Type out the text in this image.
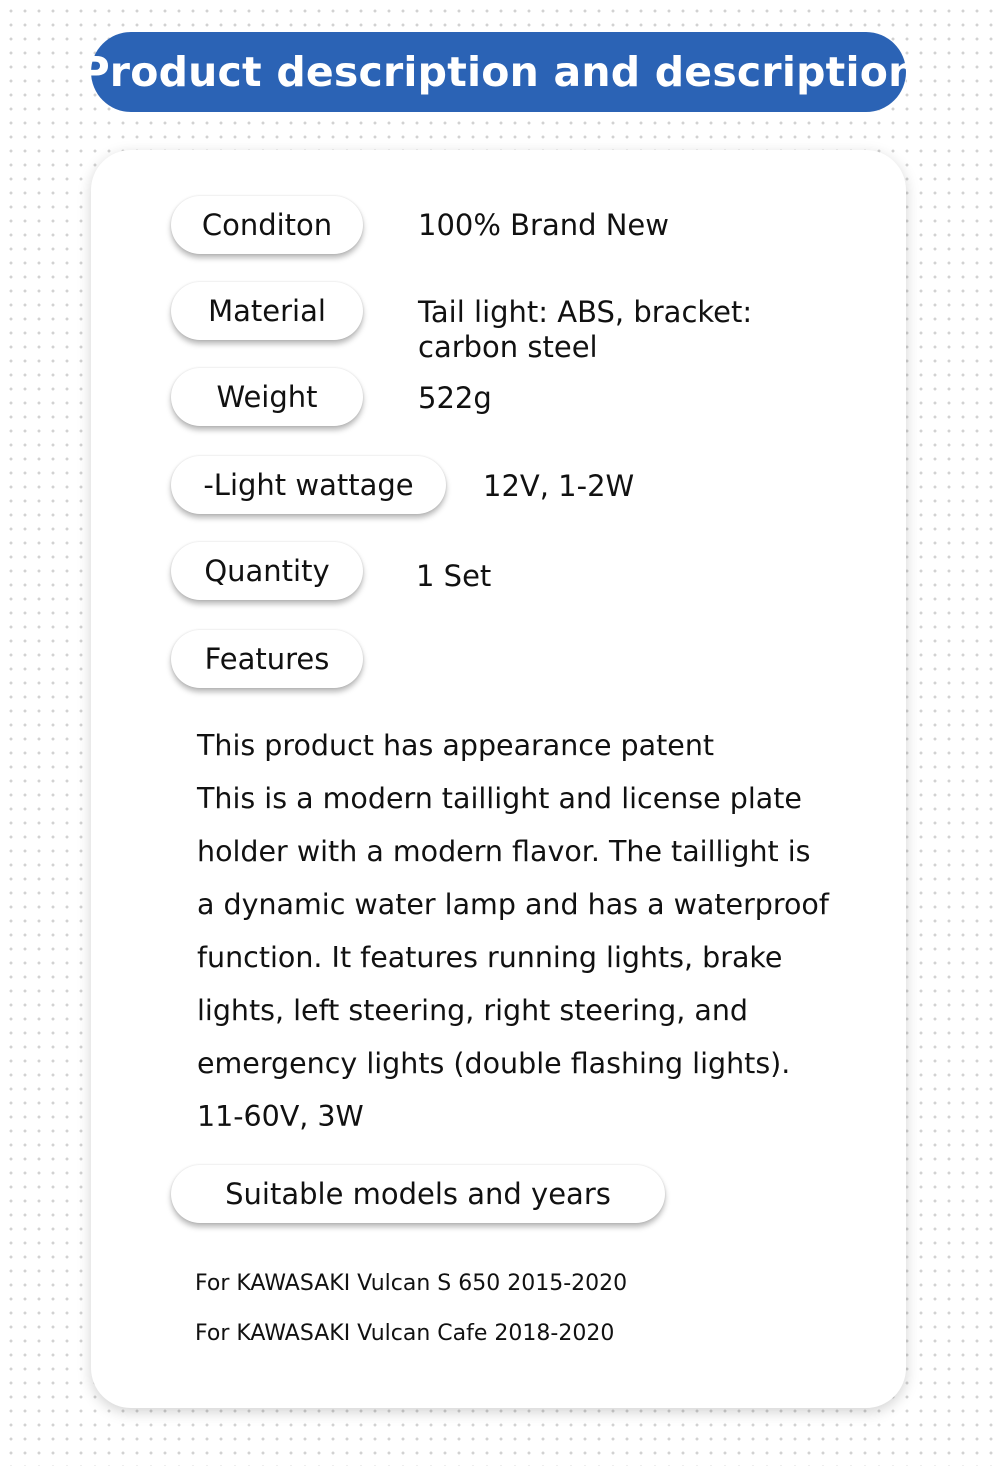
Product description and description
Conditon	100% Brand New
Material	Tail light: ABS, bracket:
carbon steel
Weight	522g
-Light wattage 12V, 1-2W
Quantity	1 Set
Features
This product has appearance patent
This is a modern taillight and license plate
holder with a modern flavor. The taillight is
a dynamic water lamp and has a waterproof
function. It features running lights, brake
lights, left steering, right steering, and
emergency lights (double flashing lights).
11-60V, 3W
Suitable models and years
For KAWASAKI Vulcan S 650 2015-2020
For KAWASAKI Vulcan Cafe 2018-2020
